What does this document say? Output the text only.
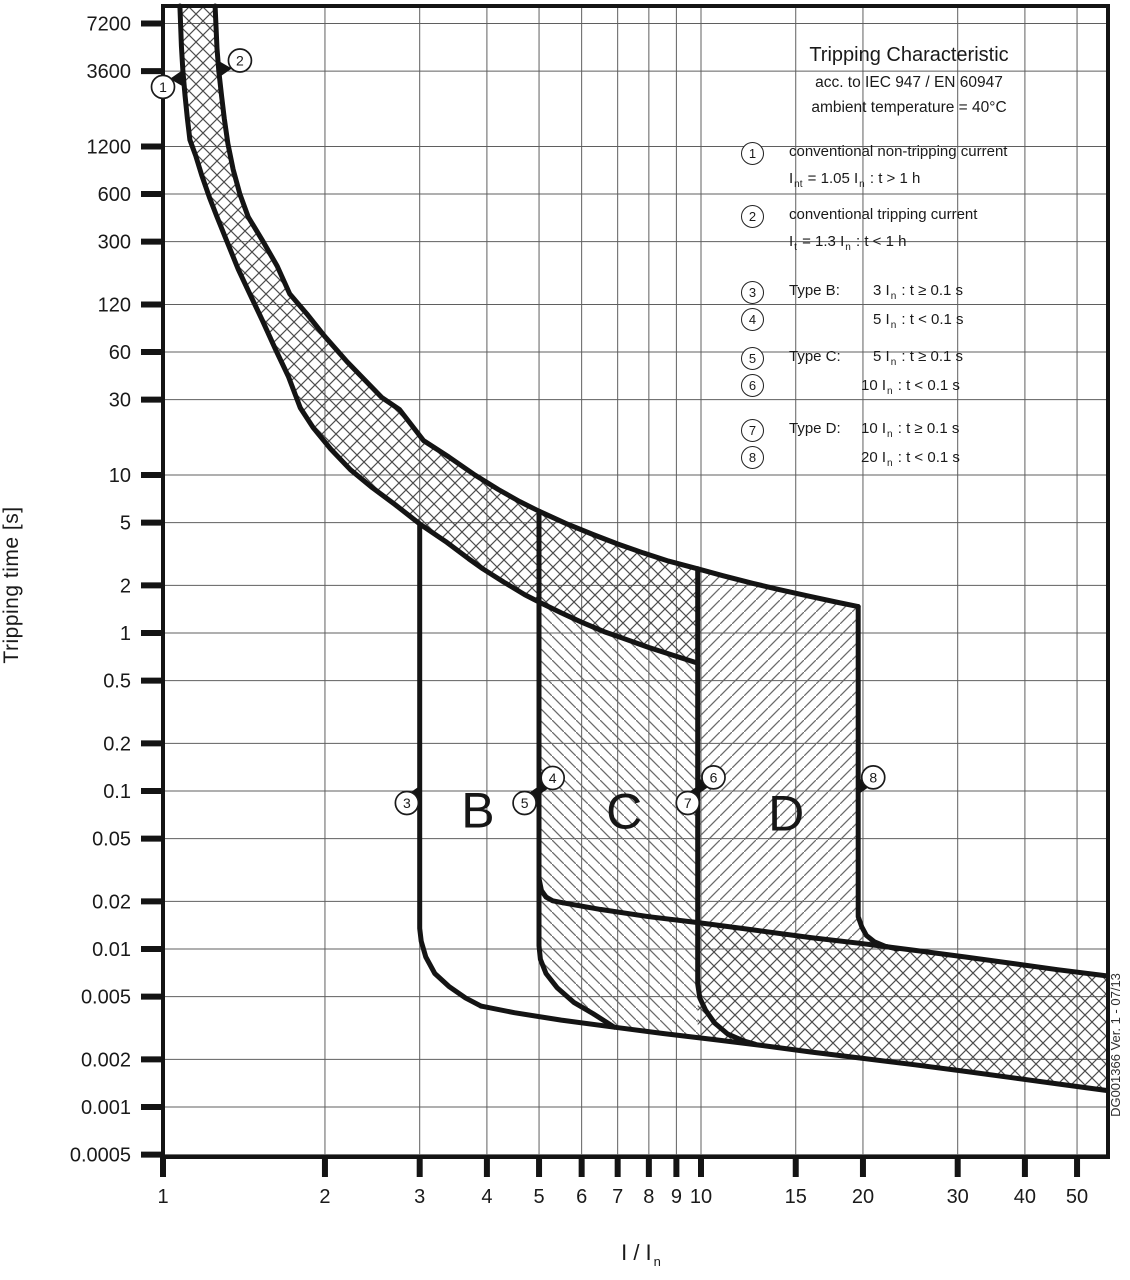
7200
3600
1200
600
300
120
60
30
10
5
2
1
0.5
0.2
0.1
0.05
0.02
0.01
0.005
0.002
0.001
0.0005
1	2	3	4 5 6 7 8 9 10	15 20	30 40 50
1
2
3
4
5
6
7
8
Tripping time [s]
I / I $_n$
DG001366 Ver. 1 - 07/13
Tripping Characteristic
acc. to IEC 947 / EN 60947
ambient temperature = 40°C
1	conventional non-tripping current
$I_{nt} = 1.05$ $I_n$ : t > 1 h
2	conventional tripping current
$I_t = 1.3$ $I_n$ : t < 1 h
3
4
Type B: 3 $I_n$ : t ≥ 0.1 s
5 $I_n$ : t < 0.1 s
5
6
Type C: 5 $I_n$ : t ≥ 0.1 s
10 $I_n$ : t < 0.1 s
7
8
Type D: 10 $I_n$ : t ≥ 0.1 s
20 $I_n$ : t < 0.1 s
B C	D
